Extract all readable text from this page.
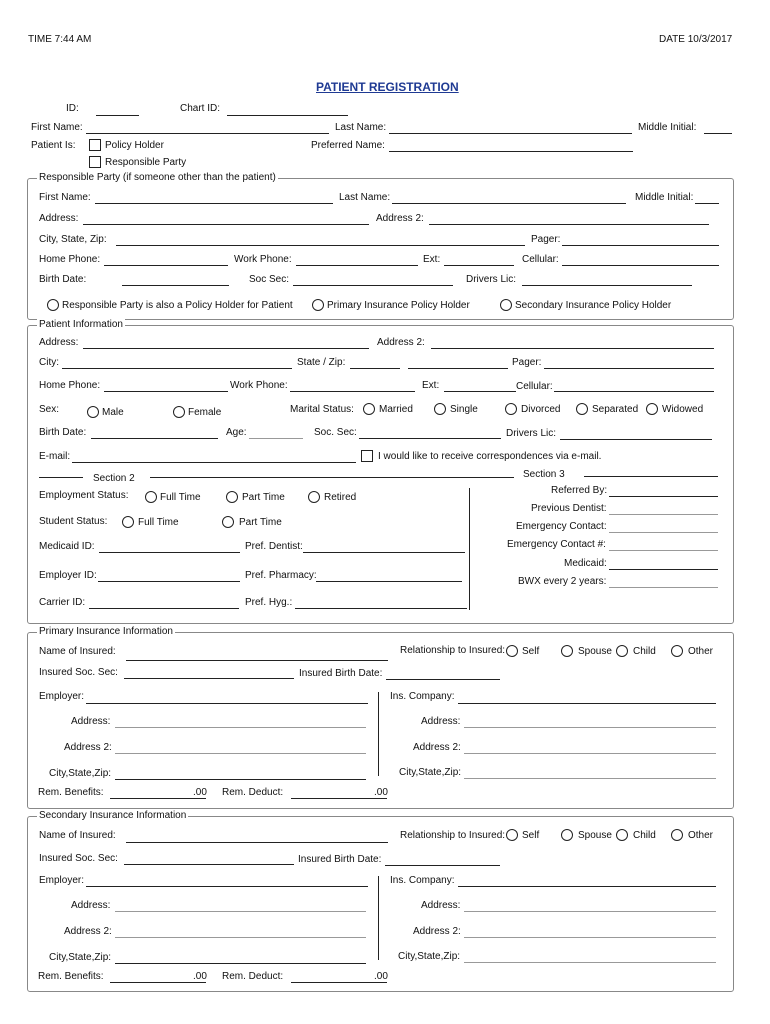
TIME 7:44 AM	DATE 10/3/2017
PATIENT REGISTRATION
ID:	Chart ID:
First Name:	Last Name:	Middle Initial:
Patient Is:	Policy Holder
Responsible Party
Preferred Name:
Responsible Party (if someone other than the patient)
First Name:	Last Name:	Middle Initial:
Address:	Address 2:
City, State, Zip:	Pager:
Home Phone:	Work Phone:	Ext:	Cellular:
Birth Date:	Soc Sec:	Drivers Lic:
Responsible Party is also a Policy Holder for Patient	Primary Insurance Policy Holder	Secondary Insurance Policy Holder
Patient Information
Address:	Address 2:
City:	State / Zip:	Pager:
Home Phone:	Work Phone:	Ext:	Cellular:
Sex:	Male	Female	Marital Status:	Married	Single	Divorced	Separated Widowed
Birth Date:	Age:	Soc. Sec:	Drivers Lic:
E-mail:	I would like to receive correspondences via e-mail.
Section 2	Section 3
Employment Status:	Full Time	Part Time	Retired
Student Status:	Full Time	Part Time
Medicaid ID:	Pref. Dentist:
Employer ID:	Pref. Pharmacy:
Carrier ID:	Pref. Hyg.:
Referred By:
Previous Dentist:
Emergency Contact:
Emergency Contact #:
Medicaid:
BWX every 2 years:
Primary Insurance Information
Name of Insured:	Relationship to Insured: Self	Spouse Child	Other
Insured Soc. Sec:	Insured Birth Date:
Employer:	Ins. Company:
Address:	Address:
Address 2:	Address 2:
City,State,Zip:	City,State,Zip:
Rem. Benefits:	.00 Rem. Deduct:	.00
Secondary Insurance Information
Name of Insured:	Relationship to Insured: Self	Spouse Child	Other
Insured Soc. Sec:	Insured Birth Date:
Employer:	Ins. Company:
Address:	Address:
Address 2:	Address 2:
City,State,Zip:	City,State,Zip:
Rem. Benefits:	.00 Rem. Deduct:	.00
